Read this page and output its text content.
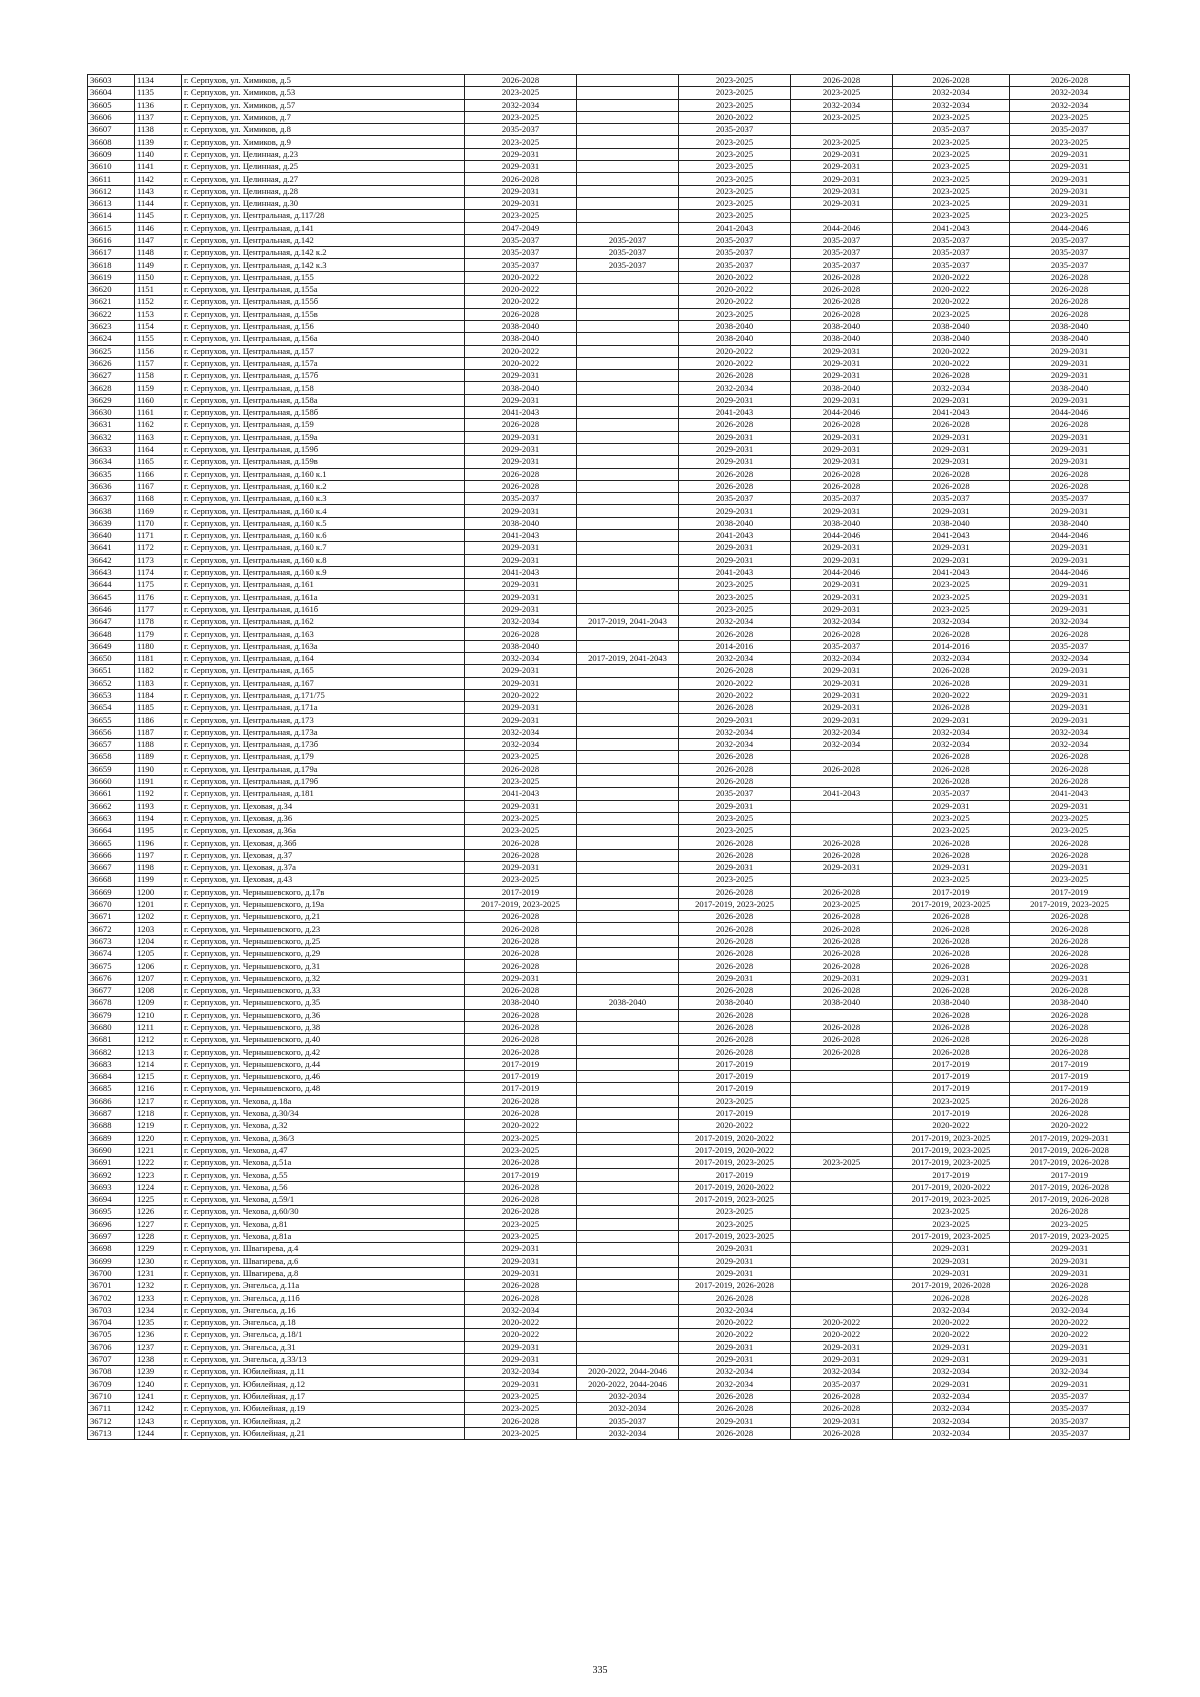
36603	1134	г. Серпухов, ул. Химиков, д.5	2026-2028		2023-2025	2026-2028	2026-2028	2026-2028
36604	1135	г. Серпухов, ул. Химиков, д.53	2023-2025		2023-2025	2023-2025	2032-2034	2032-2034
36605	1136	г. Серпухов, ул. Химиков, д.57	2032-2034		2023-2025	2032-2034	2032-2034	2032-2034
36606	1137	г. Серпухов, ул. Химиков, д.7	2023-2025		2020-2022	2023-2025	2023-2025	2023-2025
36607	1138	г. Серпухов, ул. Химиков, д.8	2035-2037		2035-2037		2035-2037	2035-2037
36608	1139	г. Серпухов, ул. Химиков, д.9	2023-2025		2023-2025	2023-2025	2023-2025	2023-2025
36609	1140	г. Серпухов, ул. Целинная, д.23	2029-2031		2023-2025	2029-2031	2023-2025	2029-2031
36610	1141	г. Серпухов, ул. Целинная, д.25	2029-2031		2023-2025	2029-2031	2023-2025	2029-2031
36611	1142	г. Серпухов, ул. Целинная, д.27	2026-2028		2023-2025	2029-2031	2023-2025	2029-2031
36612	1143	г. Серпухов, ул. Целинная, д.28	2029-2031		2023-2025	2029-2031	2023-2025	2029-2031
36613	1144	г. Серпухов, ул. Целинная, д.30	2029-2031		2023-2025	2029-2031	2023-2025	2029-2031
36614	1145	г. Серпухов, ул. Центральная, д.117/28	2023-2025		2023-2025		2023-2025	2023-2025
36615	1146	г. Серпухов, ул. Центральная, д.141	2047-2049		2041-2043	2044-2046	2041-2043	2044-2046
36616	1147	г. Серпухов, ул. Центральная, д.142	2035-2037	2035-2037	2035-2037	2035-2037	2035-2037	2035-2037
36617	1148	г. Серпухов, ул. Центральная, д.142 к.2	2035-2037	2035-2037	2035-2037	2035-2037	2035-2037	2035-2037
36618	1149	г. Серпухов, ул. Центральная, д.142 к.3	2035-2037	2035-2037	2035-2037	2035-2037	2035-2037	2035-2037
36619	1150	г. Серпухов, ул. Центральная, д.155	2020-2022		2020-2022	2026-2028	2020-2022	2026-2028
36620	1151	г. Серпухов, ул. Центральная, д.155а	2020-2022		2020-2022	2026-2028	2020-2022	2026-2028
36621	1152	г. Серпухов, ул. Центральная, д.155б	2020-2022		2020-2022	2026-2028	2020-2022	2026-2028
36622	1153	г. Серпухов, ул. Центральная, д.155в	2026-2028		2023-2025	2026-2028	2023-2025	2026-2028
36623	1154	г. Серпухов, ул. Центральная, д.156	2038-2040		2038-2040	2038-2040	2038-2040	2038-2040
36624	1155	г. Серпухов, ул. Центральная, д.156а	2038-2040		2038-2040	2038-2040	2038-2040	2038-2040
36625	1156	г. Серпухов, ул. Центральная, д.157	2020-2022		2020-2022	2029-2031	2020-2022	2029-2031
36626	1157	г. Серпухов, ул. Центральная, д.157а	2020-2022		2020-2022	2029-2031	2020-2022	2029-2031
36627	1158	г. Серпухов, ул. Центральная, д.157б	2029-2031		2026-2028	2029-2031	2026-2028	2029-2031
36628	1159	г. Серпухов, ул. Центральная, д.158	2038-2040		2032-2034	2038-2040	2032-2034	2038-2040
36629	1160	г. Серпухов, ул. Центральная, д.158а	2029-2031		2029-2031	2029-2031	2029-2031	2029-2031
36630	1161	г. Серпухов, ул. Центральная, д.158б	2041-2043		2041-2043	2044-2046	2041-2043	2044-2046
36631	1162	г. Серпухов, ул. Центральная, д.159	2026-2028		2026-2028	2026-2028	2026-2028	2026-2028
36632	1163	г. Серпухов, ул. Центральная, д.159а	2029-2031		2029-2031	2029-2031	2029-2031	2029-2031
36633	1164	г. Серпухов, ул. Центральная, д.159б	2029-2031		2029-2031	2029-2031	2029-2031	2029-2031
36634	1165	г. Серпухов, ул. Центральная, д.159в	2029-2031		2029-2031	2029-2031	2029-2031	2029-2031
36635	1166	г. Серпухов, ул. Центральная, д.160 к.1	2026-2028		2026-2028	2026-2028	2026-2028	2026-2028
36636	1167	г. Серпухов, ул. Центральная, д.160 к.2	2026-2028		2026-2028	2026-2028	2026-2028	2026-2028
36637	1168	г. Серпухов, ул. Центральная, д.160 к.3	2035-2037		2035-2037	2035-2037	2035-2037	2035-2037
36638	1169	г. Серпухов, ул. Центральная, д.160 к.4	2029-2031		2029-2031	2029-2031	2029-2031	2029-2031
36639	1170	г. Серпухов, ул. Центральная, д.160 к.5	2038-2040		2038-2040	2038-2040	2038-2040	2038-2040
36640	1171	г. Серпухов, ул. Центральная, д.160 к.6	2041-2043		2041-2043	2044-2046	2041-2043	2044-2046
36641	1172	г. Серпухов, ул. Центральная, д.160 к.7	2029-2031		2029-2031	2029-2031	2029-2031	2029-2031
36642	1173	г. Серпухов, ул. Центральная, д.160 к.8	2029-2031		2029-2031	2029-2031	2029-2031	2029-2031
36643	1174	г. Серпухов, ул. Центральная, д.160 к.9	2041-2043		2041-2043	2044-2046	2041-2043	2044-2046
36644	1175	г. Серпухов, ул. Центральная, д.161	2029-2031		2023-2025	2029-2031	2023-2025	2029-2031
36645	1176	г. Серпухов, ул. Центральная, д.161а	2029-2031		2023-2025	2029-2031	2023-2025	2029-2031
36646	1177	г. Серпухов, ул. Центральная, д.161б	2029-2031		2023-2025	2029-2031	2023-2025	2029-2031
36647	1178	г. Серпухов, ул. Центральная, д.162	2032-2034	2017-2019, 2041-2043	2032-2034	2032-2034	2032-2034	2032-2034
36648	1179	г. Серпухов, ул. Центральная, д.163	2026-2028		2026-2028	2026-2028	2026-2028	2026-2028
36649	1180	г. Серпухов, ул. Центральная, д.163а	2038-2040		2014-2016	2035-2037	2014-2016	2035-2037
36650	1181	г. Серпухов, ул. Центральная, д.164	2032-2034	2017-2019, 2041-2043	2032-2034	2032-2034	2032-2034	2032-2034
36651	1182	г. Серпухов, ул. Центральная, д.165	2029-2031		2026-2028	2029-2031	2026-2028	2029-2031
36652	1183	г. Серпухов, ул. Центральная, д.167	2029-2031		2020-2022	2029-2031	2026-2028	2029-2031
36653	1184	г. Серпухов, ул. Центральная, д.171/75	2020-2022		2020-2022	2029-2031	2020-2022	2029-2031
36654	1185	г. Серпухов, ул. Центральная, д.171а	2029-2031		2026-2028	2029-2031	2026-2028	2029-2031
36655	1186	г. Серпухов, ул. Центральная, д.173	2029-2031		2029-2031	2029-2031	2029-2031	2029-2031
36656	1187	г. Серпухов, ул. Центральная, д.173а	2032-2034		2032-2034	2032-2034	2032-2034	2032-2034
36657	1188	г. Серпухов, ул. Центральная, д.173б	2032-2034		2032-2034	2032-2034	2032-2034	2032-2034
36658	1189	г. Серпухов, ул. Центральная, д.179	2023-2025		2026-2028		2026-2028	2026-2028
36659	1190	г. Серпухов, ул. Центральная, д.179а	2026-2028		2026-2028	2026-2028	2026-2028	2026-2028
36660	1191	г. Серпухов, ул. Центральная, д.179б	2023-2025		2026-2028		2026-2028	2026-2028
36661	1192	г. Серпухов, ул. Центральная, д.181	2041-2043		2035-2037	2041-2043	2035-2037	2041-2043
36662	1193	г. Серпухов, ул. Цеховая, д.34	2029-2031		2029-2031		2029-2031	2029-2031
36663	1194	г. Серпухов, ул. Цеховая, д.36	2023-2025		2023-2025		2023-2025	2023-2025
36664	1195	г. Серпухов, ул. Цеховая, д.36а	2023-2025		2023-2025		2023-2025	2023-2025
36665	1196	г. Серпухов, ул. Цеховая, д.36б	2026-2028		2026-2028	2026-2028	2026-2028	2026-2028
36666	1197	г. Серпухов, ул. Цеховая, д.37	2026-2028		2026-2028	2026-2028	2026-2028	2026-2028
36667	1198	г. Серпухов, ул. Цеховая, д.37а	2029-2031		2029-2031	2029-2031	2029-2031	2029-2031
36668	1199	г. Серпухов, ул. Цеховая, д.43	2023-2025		2023-2025		2023-2025	2023-2025
36669	1200	г. Серпухов, ул. Чернышевского, д.17в	2017-2019		2026-2028	2026-2028	2017-2019	2017-2019
36670	1201	г. Серпухов, ул. Чернышевского, д.19а	2017-2019, 2023-2025		2017-2019, 2023-2025	2023-2025	2017-2019, 2023-2025	2017-2019, 2023-2025
36671	1202	г. Серпухов, ул. Чернышевского, д.21	2026-2028		2026-2028	2026-2028	2026-2028	2026-2028
36672	1203	г. Серпухов, ул. Чернышевского, д.23	2026-2028		2026-2028	2026-2028	2026-2028	2026-2028
36673	1204	г. Серпухов, ул. Чернышевского, д.25	2026-2028		2026-2028	2026-2028	2026-2028	2026-2028
36674	1205	г. Серпухов, ул. Чернышевского, д.29	2026-2028		2026-2028	2026-2028	2026-2028	2026-2028
36675	1206	г. Серпухов, ул. Чернышевского, д.31	2026-2028		2026-2028	2026-2028	2026-2028	2026-2028
36676	1207	г. Серпухов, ул. Чернышевского, д.32	2029-2031		2029-2031	2029-2031	2029-2031	2029-2031
36677	1208	г. Серпухов, ул. Чернышевского, д.33	2026-2028		2026-2028	2026-2028	2026-2028	2026-2028
36678	1209	г. Серпухов, ул. Чернышевского, д.35	2038-2040	2038-2040	2038-2040	2038-2040	2038-2040	2038-2040
36679	1210	г. Серпухов, ул. Чернышевского, д.36	2026-2028		2026-2028		2026-2028	2026-2028
36680	1211	г. Серпухов, ул. Чернышевского, д.38	2026-2028		2026-2028	2026-2028	2026-2028	2026-2028
36681	1212	г. Серпухов, ул. Чернышевского, д.40	2026-2028		2026-2028	2026-2028	2026-2028	2026-2028
36682	1213	г. Серпухов, ул. Чернышевского, д.42	2026-2028		2026-2028	2026-2028	2026-2028	2026-2028
36683	1214	г. Серпухов, ул. Чернышевского, д.44	2017-2019		2017-2019		2017-2019	2017-2019
36684	1215	г. Серпухов, ул. Чернышевского, д.46	2017-2019		2017-2019		2017-2019	2017-2019
36685	1216	г. Серпухов, ул. Чернышевского, д.48	2017-2019		2017-2019		2017-2019	2017-2019
36686	1217	г. Серпухов, ул. Чехова, д.18а	2026-2028		2023-2025		2023-2025	2026-2028
36687	1218	г. Серпухов, ул. Чехова, д.30/34	2026-2028		2017-2019		2017-2019	2026-2028
36688	1219	г. Серпухов, ул. Чехова, д.32	2020-2022		2020-2022		2020-2022	2020-2022
36689	1220	г. Серпухов, ул. Чехова, д.36/3	2023-2025		2017-2019, 2020-2022		2017-2019, 2023-2025	2017-2019, 2029-2031
36690	1221	г. Серпухов, ул. Чехова, д.47	2023-2025		2017-2019, 2020-2022		2017-2019, 2023-2025	2017-2019, 2026-2028
36691	1222	г. Серпухов, ул. Чехова, д.51а	2026-2028		2017-2019, 2023-2025	2023-2025	2017-2019, 2023-2025	2017-2019, 2026-2028
36692	1223	г. Серпухов, ул. Чехова, д.55	2017-2019		2017-2019		2017-2019	2017-2019
36693	1224	г. Серпухов, ул. Чехова, д.56	2026-2028		2017-2019, 2020-2022		2017-2019, 2020-2022	2017-2019, 2026-2028
36694	1225	г. Серпухов, ул. Чехова, д.59/1	2026-2028		2017-2019, 2023-2025		2017-2019, 2023-2025	2017-2019, 2026-2028
36695	1226	г. Серпухов, ул. Чехова, д.60/30	2026-2028		2023-2025		2023-2025	2026-2028
36696	1227	г. Серпухов, ул. Чехова, д.81	2023-2025		2023-2025		2023-2025	2023-2025
36697	1228	г. Серпухов, ул. Чехова, д.81а	2023-2025		2017-2019, 2023-2025		2017-2019, 2023-2025	2017-2019, 2023-2025
36698	1229	г. Серпухов, ул. Швагирева, д.4	2029-2031		2029-2031		2029-2031	2029-2031
36699	1230	г. Серпухов, ул. Швагирева, д.6	2029-2031		2029-2031		2029-2031	2029-2031
36700	1231	г. Серпухов, ул. Швагирева, д.8	2029-2031		2029-2031		2029-2031	2029-2031
36701	1232	г. Серпухов, ул. Энгельса, д.11а	2026-2028		2017-2019, 2026-2028		2017-2019, 2026-2028	2026-2028
36702	1233	г. Серпухов, ул. Энгельса, д.11б	2026-2028		2026-2028		2026-2028	2026-2028
36703	1234	г. Серпухов, ул. Энгельса, д.16	2032-2034		2032-2034		2032-2034	2032-2034
36704	1235	г. Серпухов, ул. Энгельса, д.18	2020-2022		2020-2022	2020-2022	2020-2022	2020-2022
36705	1236	г. Серпухов, ул. Энгельса, д.18/1	2020-2022		2020-2022	2020-2022	2020-2022	2020-2022
36706	1237	г. Серпухов, ул. Энгельса, д.31	2029-2031		2029-2031	2029-2031	2029-2031	2029-2031
36707	1238	г. Серпухов, ул. Энгельса, д.33/13	2029-2031		2029-2031	2029-2031	2029-2031	2029-2031
36708	1239	г. Серпухов, ул. Юбилейная, д.11	2032-2034	2020-2022, 2044-2046	2032-2034	2032-2034	2032-2034	2032-2034
36709	1240	г. Серпухов, ул. Юбилейная, д.12	2029-2031	2020-2022, 2044-2046	2032-2034	2035-2037	2029-2031	2029-2031
36710	1241	г. Серпухов, ул. Юбилейная, д.17	2023-2025	2032-2034	2026-2028	2026-2028	2032-2034	2035-2037
36711	1242	г. Серпухов, ул. Юбилейная, д.19	2023-2025	2032-2034	2026-2028	2026-2028	2032-2034	2035-2037
36712	1243	г. Серпухов, ул. Юбилейная, д.2	2026-2028	2035-2037	2029-2031	2029-2031	2032-2034	2035-2037
36713	1244	г. Серпухов, ул. Юбилейная, д.21	2023-2025	2032-2034	2026-2028	2026-2028	2032-2034	2035-2037
335
